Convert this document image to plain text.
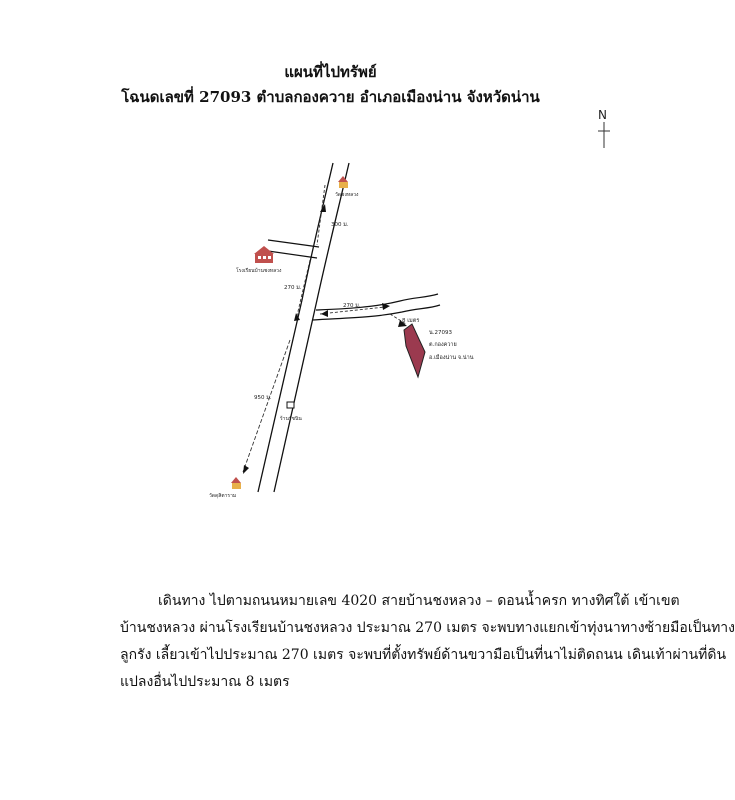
แผนที่ไปทรัพย์
โฉนดเลขที่ 27093 ตำบลกองควาย อำเภอเมืองน่าน จังหวัดน่าน
N
วัดชงหลวง
โรงเรียนบ้านชงหลวง
ร้านรัชนิน
วัดดุสิตาราม
300 ม.
270 ม.
270 ม.
950 ม.
8 เมตร
น.27093
ต.กองควาย
อ.เมืองน่าน จ.น่าน
เดินทาง ไปตามถนนหมายเลข 4020 สายบ้านชงหลวง – ดอนน้ำครก ทางทิศใต้ เข้าเขต
บ้านชงหลวง ผ่านโรงเรียนบ้านชงหลวง ประมาณ 270 เมตร จะพบทางแยกเข้าทุ่งนาทางซ้ายมือเป็นทาง
ลูกรัง เลี้ยวเข้าไปประมาณ 270 เมตร จะพบที่ตั้งทรัพย์ด้านขวามือเป็นที่นาไม่ติดถนน เดินเท้าผ่านที่ดิน
แปลงอื่นไปประมาณ 8 เมตร
